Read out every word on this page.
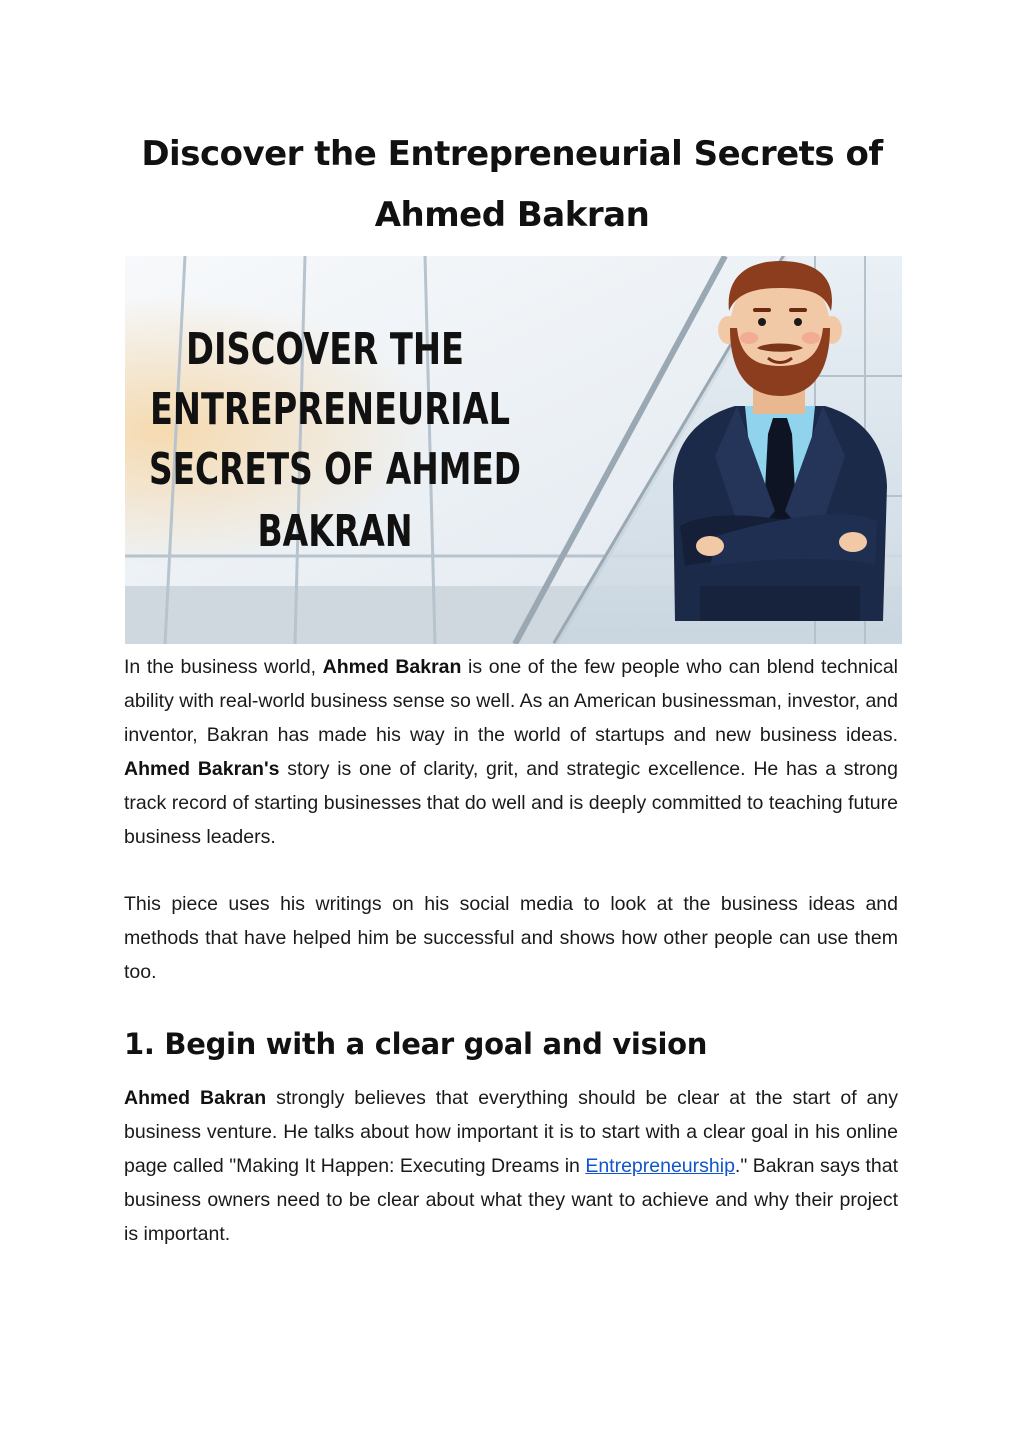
Discover the Entrepreneurial Secrets of Ahmed Bakran
DISCOVER THE
ENTREPRENEURIAL
SECRETS OF AHMED
BAKRAN

In the business world, Ahmed Bakran is one of the few people who can blend technical ability with real-world business sense so well. As an American businessman, investor, and inventor, Bakran has made his way in the world of startups and new business ideas. Ahmed Bakran's story is one of clarity, grit, and strategic excellence. He has a strong track record of starting businesses that do well and is deeply committed to teaching future business leaders.

This piece uses his writings on his social media to look at the business ideas and methods that have helped him be successful and shows how other people can use them too.

1. Begin with a clear goal and vision

Ahmed Bakran strongly believes that everything should be clear at the start of any business venture. He talks about how important it is to start with a clear goal in his online page called "Making It Happen: Executing Dreams in Entrepreneurship." Bakran says that business owners need to be clear about what they want to achieve and why their project is important.
